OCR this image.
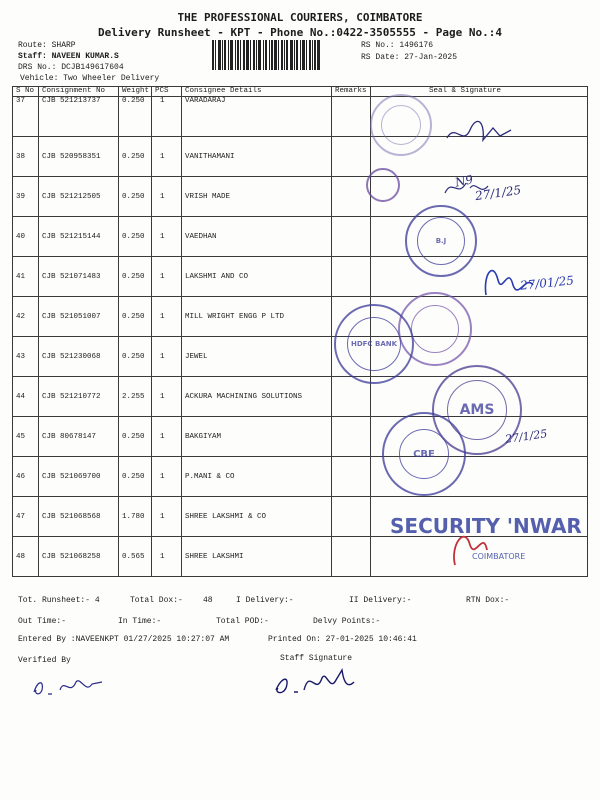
THE PROFESSIONAL COURIERS, COIMBATORE
Delivery Runsheet - KPT - Phone No.:0422-3505555 - Page No.:4
Route: SHARP
Staff: NAVEEN KUMAR.S
DRS No.: DCJB149617604
Vehicle: Two Wheeler Delivery
RS No.: 1496176
RS Date: 27-Jan-2025
S No	Consignment No	Weight	PCS	Consignee Details	Remarks	Seal & Signature
37	CJB 521213737	0.250	1	VARADARAJ		
38	CJB 520958351	0.250	1	VANITHAMANI		
39	CJB 521212505	0.250	1	VRISH MADE		
40	CJB 521215144	0.250	1	VAEDHAN		
41	CJB 521071483	0.250	1	LAKSHMI AND CO		
42	CJB 521051007	0.250	1	MILL WRIGHT ENGG P LTD		
43	CJB 521230068	0.250	1	JEWEL		
44	CJB 521210772	2.255	1	ACKURA MACHINING SOLUTIONS		
45	CJB 80678147	0.250	1	BAKGIYAM		
46	CJB 521069700	0.250	1	P.MANI & CO		
47	CJB 521068568	1.780	1	SHREE LAKSHMI & CO		
48	CJB 521068258	0.565	1	SHREE LAKSHMI		
N9
27/1/25
B.J
27/01/25
HDFC BANK
AMS
CBE
27/1/25
SECURITY 'NWAR
COIMBATORE
Tot. Runsheet:- 4	Total Dox:-	48	I Delivery:-	II Delivery:-	RTN Dox:-
Out Time:-	In Time:-	Total POD:-	Delvy Points:-
Entered By :NAVEENKPT 01/27/2025 10:27:07 AM	Printed On: 27-01-2025 10:46:41
Verified By	Staff Signature
